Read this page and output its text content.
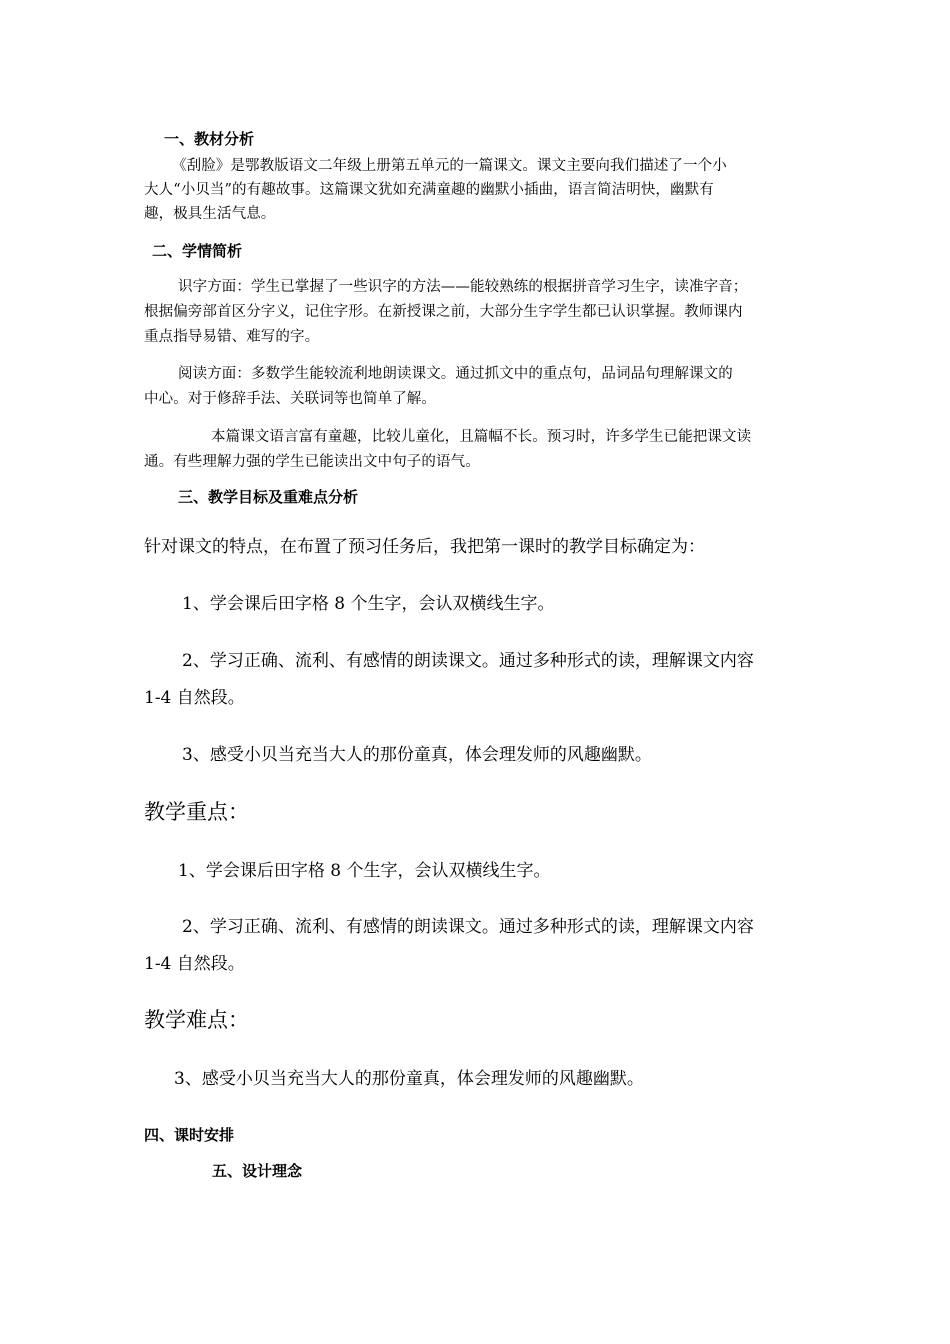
一、教材分析
《刮脸》是鄂教版语文二年级上册第五单元的一篇课文。课文主要向我们描述了一个小
大人“小贝当”的有趣故事。这篇课文犹如充满童趣的幽默小插曲，语言简洁明快，幽默有
趣，极具生活气息。
二、学情简析
识字方面：学生已掌握了一些识字的方法——能较熟练的根据拼音学习生字，读准字音；
根据偏旁部首区分字义，记住字形。在新授课之前，大部分生字学生都已认识掌握。教师课内
重点指导易错、难写的字。
阅读方面：多数学生能较流利地朗读课文。通过抓文中的重点句，品词品句理解课文的
中心。对于修辞手法、关联词等也简单了解。
本篇课文语言富有童趣，比较儿童化，且篇幅不长。预习时，许多学生已能把课文读
通。有些理解力强的学生已能读出文中句子的语气。
三、教学目标及重难点分析
针对课文的特点，在布置了预习任务后，我把第一课时的教学目标确定为：
1、学会课后田字格 8 个生字，会认双横线生字。
2、学习正确、流利、有感情的朗读课文。通过多种形式的读，理解课文内容
1-4 自然段。
3、感受小贝当充当大人的那份童真，体会理发师的风趣幽默。
教学重点：
1、学会课后田字格 8 个生字，会认双横线生字。
2、学习正确、流利、有感情的朗读课文。通过多种形式的读，理解课文内容
1-4 自然段。
教学难点：
3、感受小贝当充当大人的那份童真，体会理发师的风趣幽默。
四、课时安排
五、设计理念
